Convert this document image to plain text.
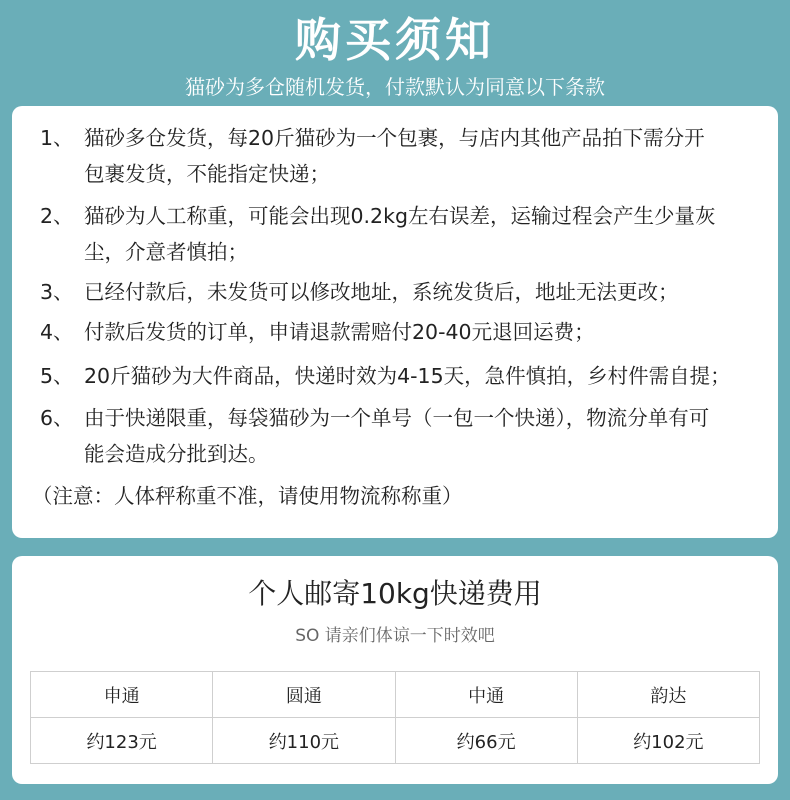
购买须知
猫砂为多仓随机发货，付款默认为同意以下条款
1、 猫砂多仓发货，每20斤猫砂为一个包裹，与店内其他产品拍下需分开
包裹发货，不能指定快递；
2、 猫砂为人工称重，可能会出现0.2kg左右误差，运输过程会产生少量灰
尘，介意者慎拍；
3、 已经付款后，未发货可以修改地址，系统发货后，地址无法更改；
4、 付款后发货的订单，申请退款需赔付20-40元退回运费；
5、 20斤猫砂为大件商品，快递时效为4-15天，急件慎拍，乡村件需自提；
6、 由于快递限重，每袋猫砂为一个单号（一包一个快递），物流分单有可
能会造成分批到达。
（注意：人体秤称重不准，请使用物流称称重）
个人邮寄10kg快递费用
SO 请亲们体谅一下时效吧
申通	圆通	中通	韵达
约123元	约110元	约66元	约102元
